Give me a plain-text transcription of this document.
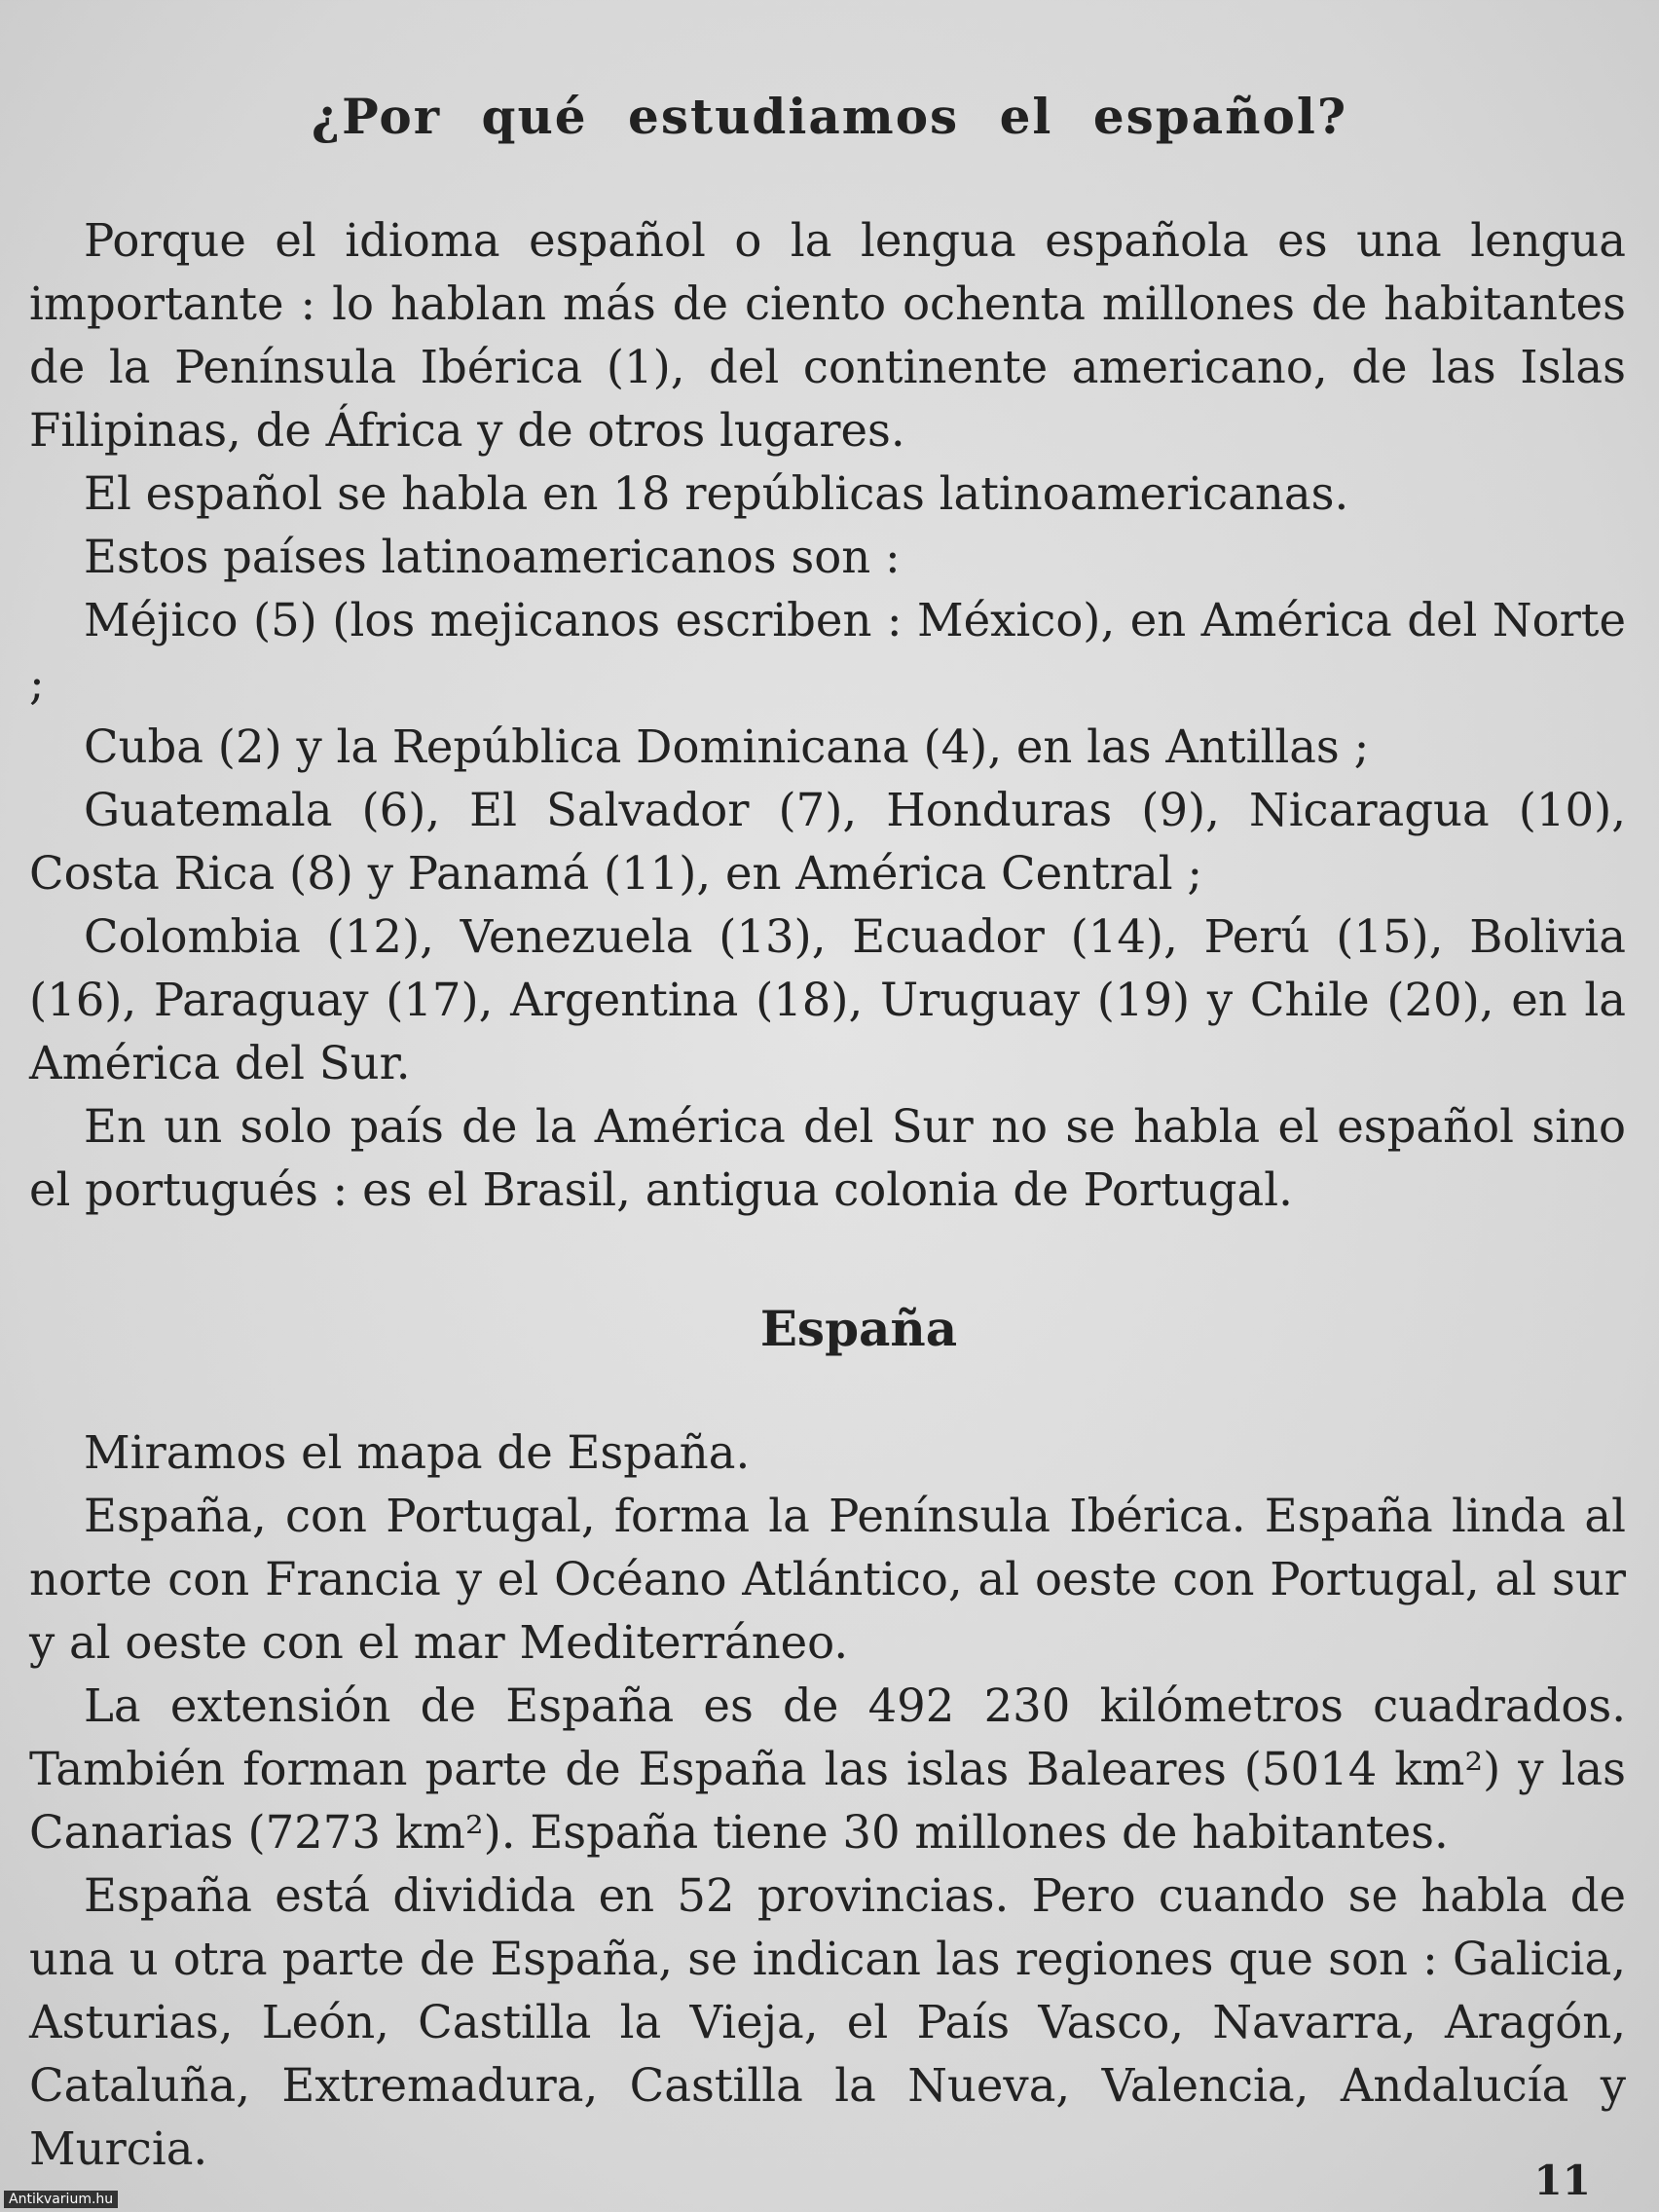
¿Por qué estudiamos el español?

Porque el idioma español o la lengua española es una lengua importante : lo hablan más de ciento ochenta millones de habitantes de la Península Ibérica (1), del continente americano, de las Islas Filipinas, de África y de otros lugares.

El español se habla en 18 repúblicas latinoamericanas.

Estos países latinoamericanos son :

Méjico (5) (los mejicanos escriben : México), en América del Norte ;

Cuba (2) y la República Dominicana (4), en las Antillas ;

Guatemala (6), El Salvador (7), Honduras (9), Nicaragua (10), Costa Rica (8) y Panamá (11), en América Central ;

Colombia (12), Venezuela (13), Ecuador (14), Perú (15), Bolivia (16), Paraguay (17), Argentina (18), Uruguay (19) y Chile (20), en la América del Sur.

En un solo país de la América del Sur no se habla el español sino el portugués : es el Brasil, antigua colonia de Portugal.

España

Miramos el mapa de España.

España, con Portugal, forma la Península Ibérica. España linda al norte con Francia y el Océano Atlántico, al oeste con Portugal, al sur y al oeste con el mar Mediterráneo.

La extensión de España es de 492 230 kilómetros cuadrados. También forman parte de España las islas Baleares (5014 km²) y las Canarias (7273 km²). España tiene 30 millones de habitantes.

España está dividida en 52 provincias. Pero cuando se habla de una u otra parte de España, se indican las regiones que son : Galicia, Asturias, León, Castilla la Vieja, el País Vasco, Navarra, Aragón, Cataluña, Extremadura, Castilla la Nueva, Valencia, Andalucía y Murcia.

11
Antikvarium.hu
